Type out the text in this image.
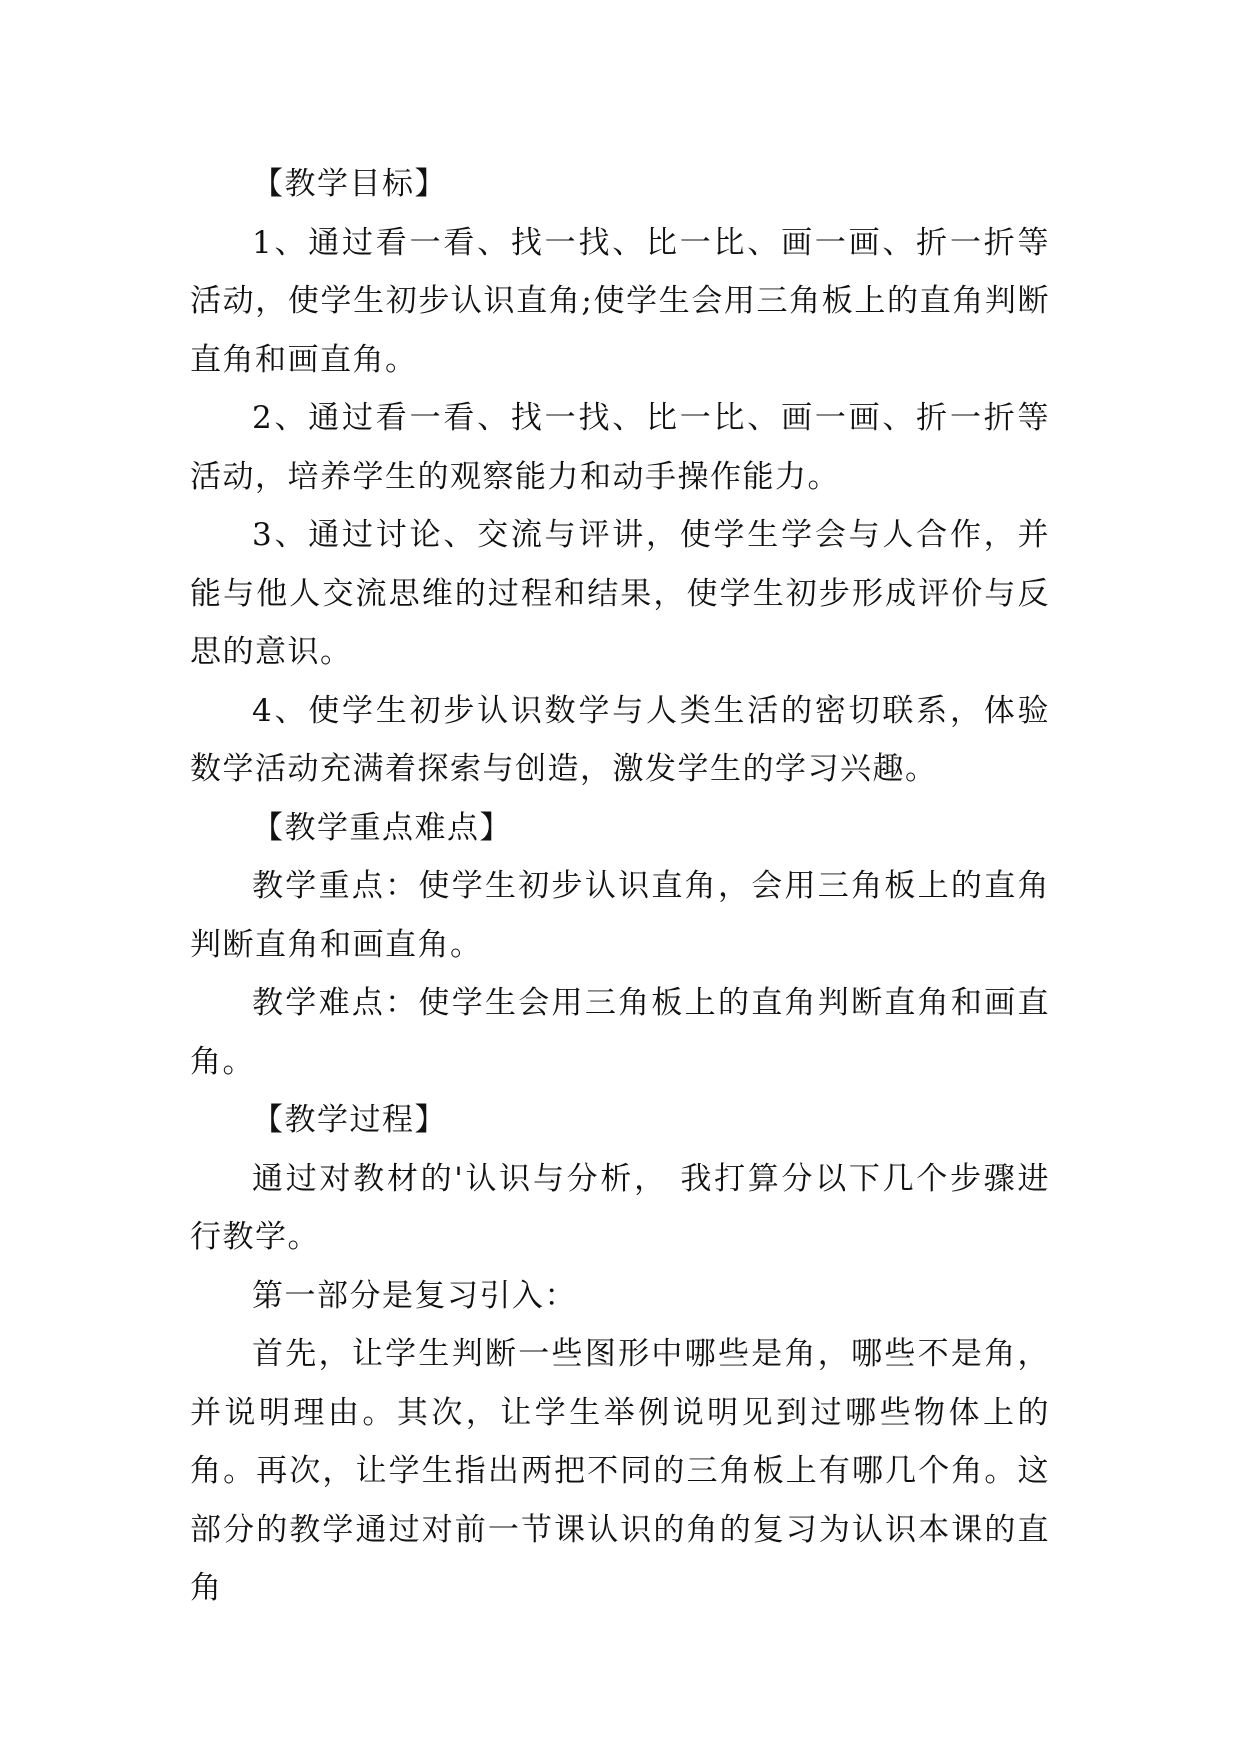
【教学目标】

1、通过看一看、找一找、比一比、画一画、折一折等活动，使学生初步认识直角;使学生会用三角板上的直角判断直角和画直角。

2、通过看一看、找一找、比一比、画一画、折一折等活动，培养学生的观察能力和动手操作能力。

3、通过讨论、交流与评讲，使学生学会与人合作，并能与他人交流思维的过程和结果，使学生初步形成评价与反思的意识。

4、使学生初步认识数学与人类生活的密切联系，体验数学活动充满着探索与创造，激发学生的学习兴趣。

【教学重点难点】

教学重点：使学生初步认识直角，会用三角板上的直角判断直角和画直角。

教学难点：使学生会用三角板上的直角判断直角和画直角。

【教学过程】

通过对教材的'认识与分析， 我打算分以下几个步骤进行教学。

第一部分是复习引入：

首先，让学生判断一些图形中哪些是角，哪些不是角，并说明理由。其次，让学生举例说明见到过哪些物体上的角。再次，让学生指出两把不同的三角板上有哪几个角。这部分的教学通过对前一节课认识的角的复习为认识本课的直角
